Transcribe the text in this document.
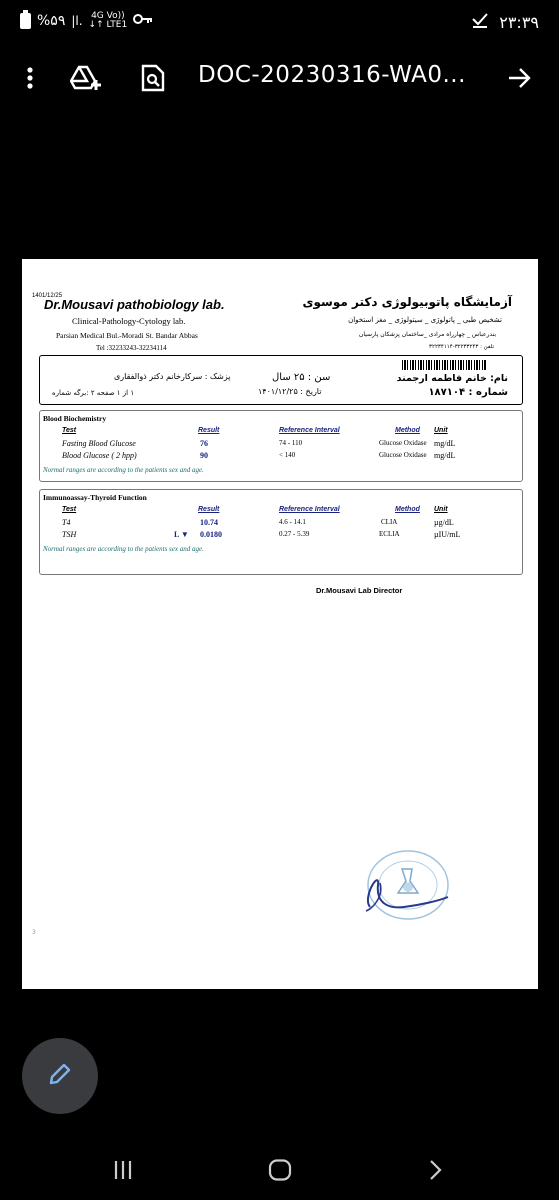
%۵۹ |l. 4G Vo))
↓↑ LTE1	۲۳:۳۹
DOC-20230316-WA0...
1401/12/25
Dr.Mousavi pathobiology lab.
Clinical-Pathology-Cytology lab.
Parsian Medical Bul.-Moradi St. Bandar Abbas
Tel :32233243-32234114
آزمایشگاه پاتوبیولوژی دکتر موسوی
تشخیص طبی _ پاتولوژی _ سیتولوژی _ مغز استخوان
بندرعباس _ چهارراه مرادی _ساختمان پزشکان پارسیان
تلفن : ۳۲۲۳۳۲۴۳-۳۲۲۳۴۱۱۴
نام: خانم فاطمه ارجمند
شماره : ۱۸۷۱۰۴
سن : ۲۵ سال
تاریخ : ۱۴۰۱/۱۲/۲۵
پزشک : سرکارخانم دکتر ذوالفقاری
۱ از ۱ صفحه ۲ :برگه شماره
Blood Biochemistry
Test	Result	Reference Interval	Method Unit
Fasting Blood Glucose	76	74 - 110	Glucose Oxidase mg/dL
Blood Glucose ( 2 hpp)	90	< 140	Glucose Oxidase mg/dL
Normal ranges are according to the patients sex and age.
Immunoassay-Thyroid Function
Test	Result	Reference Interval	Method Unit
T4	10.74	4.6 - 14.1	CLIA	µg/dL
TSH	L ▼ 0.0180	0.27 - 5.39	ECLIA	µIU/mL
Normal ranges are according to the patients sex and age.
Dr.Mousavi Lab Director
3
